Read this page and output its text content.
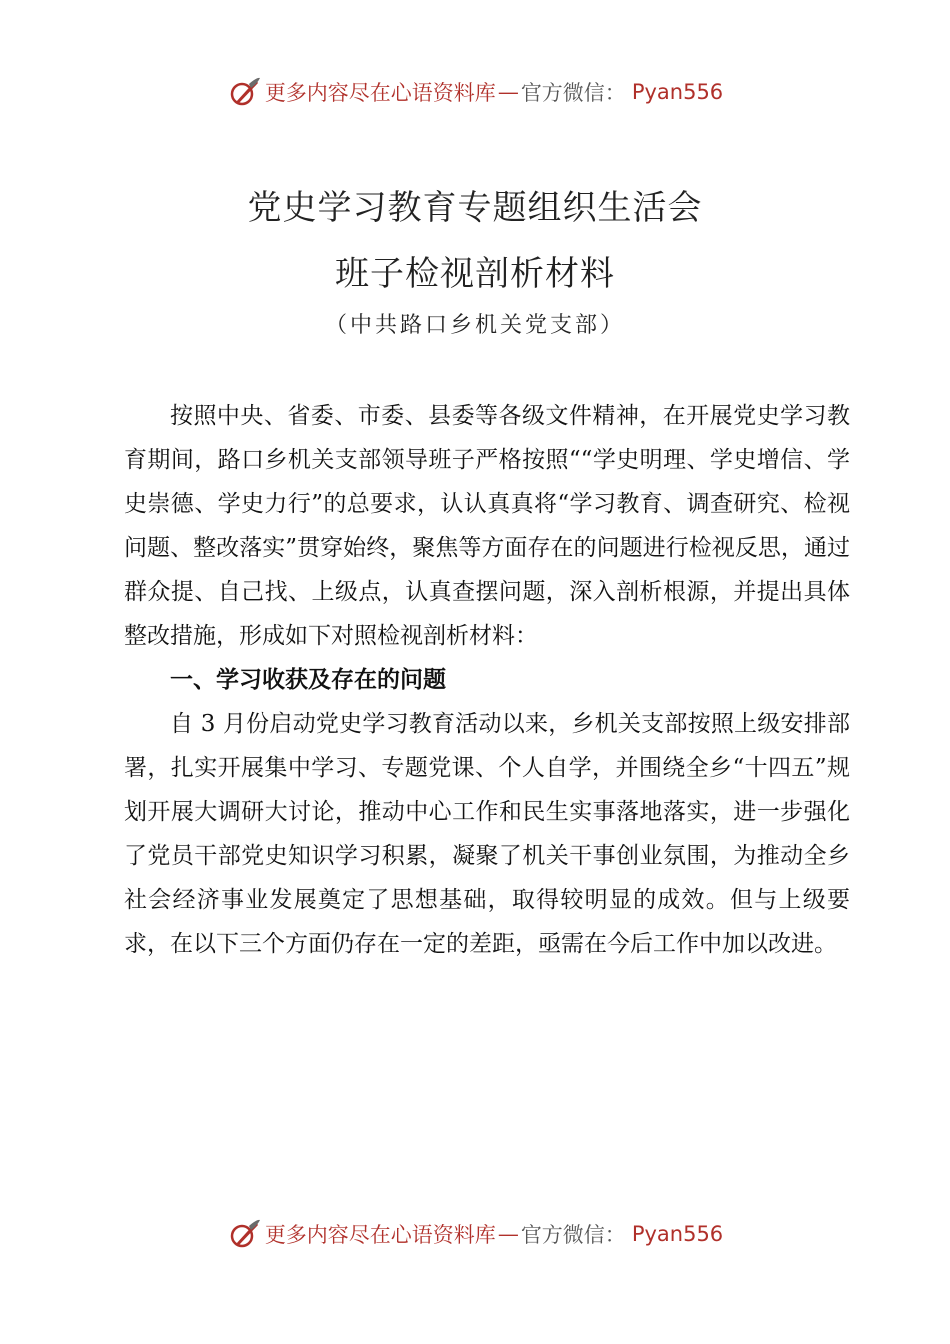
更多内容尽在心语资料库 — 官方微信： Pyan556
党史学习教育专题组织生活会
班子检视剖析材料
（中共路口乡机关党支部）

按照中央、省委、市委、县委等各级文件精神，在开展党史学习教育期间，路口乡机关支部领导班子严格按照““学史明理、学史增信、学史崇德、学史力行”的总要求，认认真真将“学习教育、调查研究、检视问题、整改落实”贯穿始终，聚焦等方面存在的问题进行检视反思，通过群众提、自己找、上级点，认真查摆问题，深入剖析根源，并提出具体整改措施，形成如下对照检视剖析材料：

一、学习收获及存在的问题

自 3 月份启动党史学习教育活动以来，乡机关支部按照上级安排部署，扎实开展集中学习、专题党课、个人自学，并围绕全乡“十四五”规划开展大调研大讨论，推动中心工作和民生实事落地落实，进一步强化了党员干部党史知识学习积累，凝聚了机关干事创业氛围，为推动全乡社会经济事业发展奠定了思想基础，取得较明显的成效。但与上级要求，在以下三个方面仍存在一定的差距，亟需在今后工作中加以改进。

更多内容尽在心语资料库 — 官方微信： Pyan556
